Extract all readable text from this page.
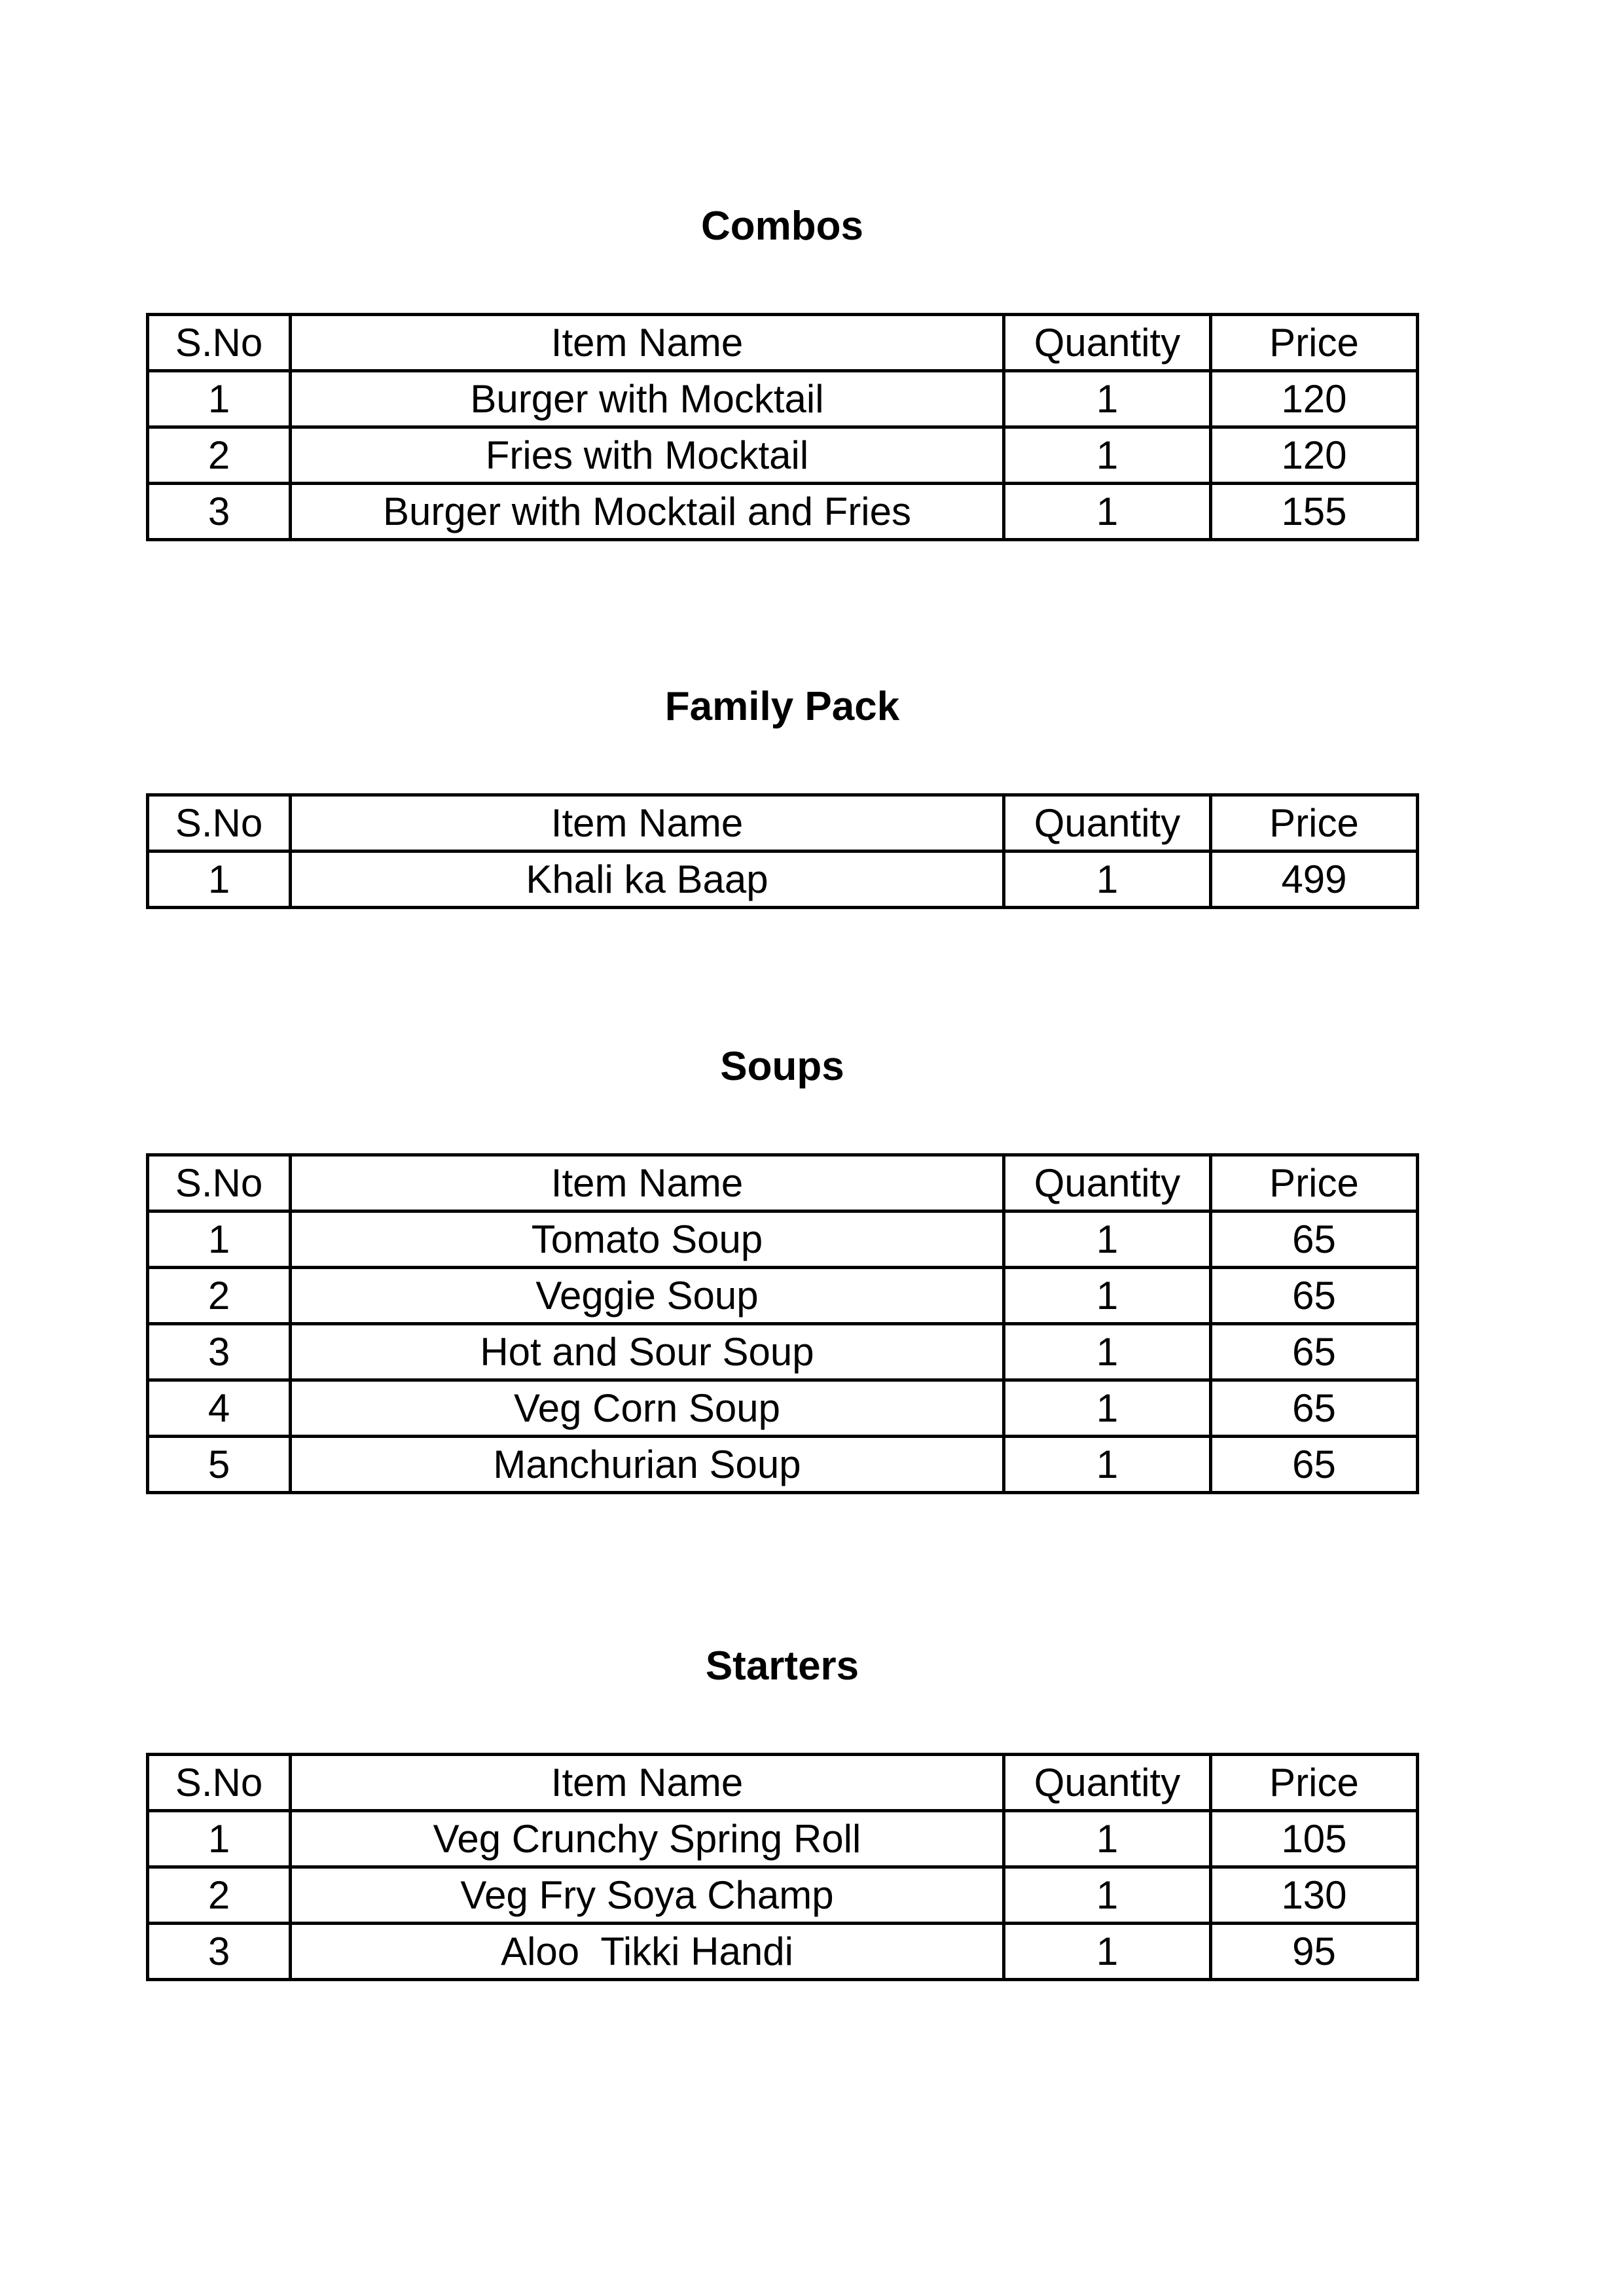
Combos
S.No	Item Name	Quantity	Price
1	Burger with Mocktail	1	120
2	Fries with Mocktail	1	120
3	Burger with Mocktail and Fries	1	155
Family Pack
S.No	Item Name	Quantity	Price
1	Khali ka Baap	1	499
Soups
S.No	Item Name	Quantity	Price
1	Tomato Soup	1	65
2	Veggie Soup	1	65
3	Hot and Sour Soup	1	65
4	Veg Corn Soup	1	65
5	Manchurian Soup	1	65
Starters
S.No	Item Name	Quantity	Price
1	Veg Crunchy Spring Roll	1	105
2	Veg Fry Soya Champ	1	130
3	Aloo  Tikki Handi	1	95
